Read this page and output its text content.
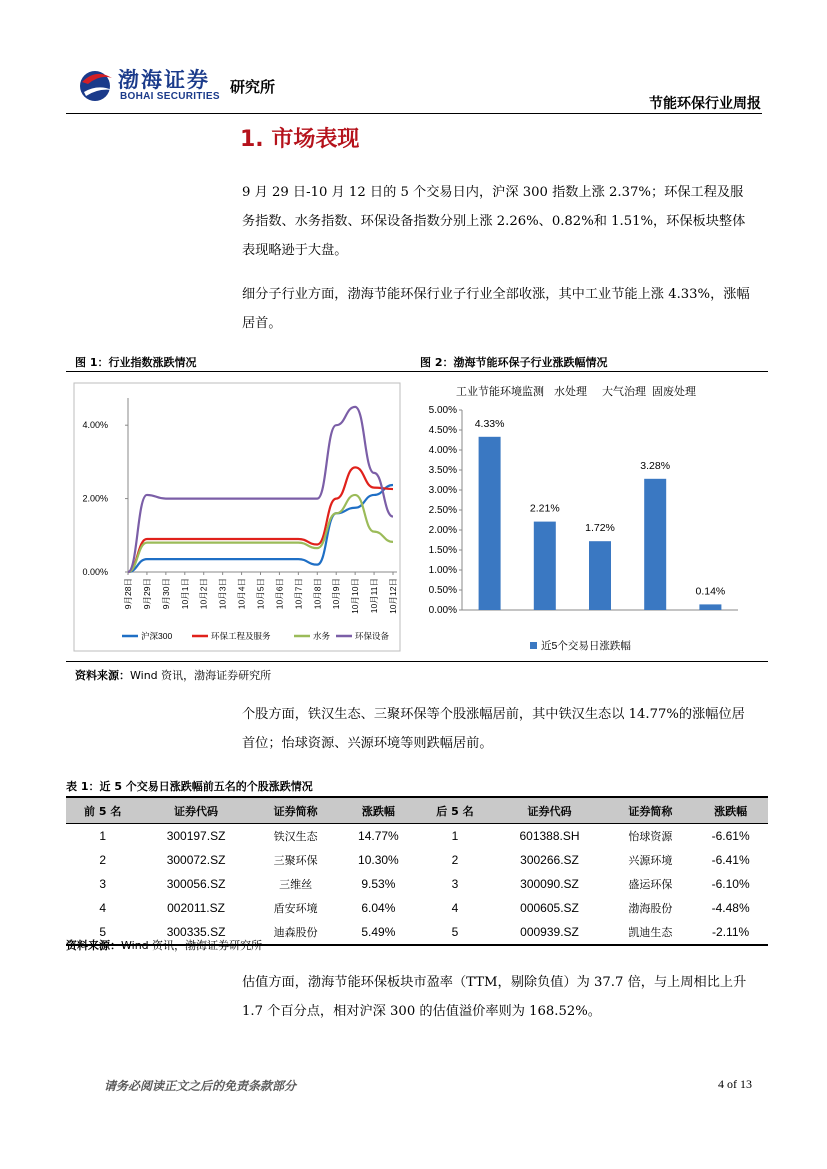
渤海证券
BOHAI SECURITIES
研究所
节能环保行业周报
1. 市场表现
9 月 29 日-10 月 12 日的 5 个交易日内，沪深 300 指数上涨 2.37%；环保工程及服务指数、水务指数、环保设备指数分别上涨 2.26%、0.82%和 1.51%，环保板块整体表现略逊于大盘。
细分子行业方面，渤海节能环保行业子行业全部收涨，其中工业节能上涨 4.33%，涨幅居首。
图 1：行业指数涨跌情况	图 2：渤海节能环保子行业涨跌幅情况
0.00%
2.00%
4.00%
9月28日 9月29日 9月30日 10月1日 10月2日 10月3日 10月4日 10月5日 10月6日 10月7日 10月8日 10月9日 10月10日 10月11日 10月12日
沪深300	环保工程及服务	水务	环保设备
工业节能 环境监测 水处理 大气治理 固废处理
0.00%
0.50%
1.00%
1.50%
2.00%
2.50%
3.00%
3.50%
4.00%
4.50%
5.00%
4.33%
2.21%
1.72%
3.28%
0.14%
近5个交易日涨跌幅
资料来源：Wind 资讯，渤海证券研究所
个股方面，铁汉生态、三聚环保等个股涨幅居前，其中铁汉生态以 14.77%的涨幅位居首位；怡球资源、兴源环境等则跌幅居前。
表 1：近 5 个交易日涨跌幅前五名的个股涨跌情况
前 5 名	证券代码	证券简称	涨跌幅	后 5 名	证券代码	证券简称	涨跌幅
1	300197.SZ	铁汉生态	14.77%	1	601388.SH	怡球资源	-6.61%
2	300072.SZ	三聚环保	10.30%	2	300266.SZ	兴源环境	-6.41%
3	300056.SZ	三维丝	9.53%	3	300090.SZ	盛运环保	-6.10%
4	002011.SZ	盾安环境	6.04%	4	000605.SZ	渤海股份	-4.48%
5	300335.SZ	迪森股份	5.49%	5	000939.SZ	凯迪生态	-2.11%
资料来源：Wind 资讯，渤海证券研究所
估值方面，渤海节能环保板块市盈率（TTM，剔除负值）为 37.7 倍，与上周相比上升 1.7 个百分点，相对沪深 300 的估值溢价率则为 168.52%。
请务必阅读正文之后的免责条款部分	4 of 13
